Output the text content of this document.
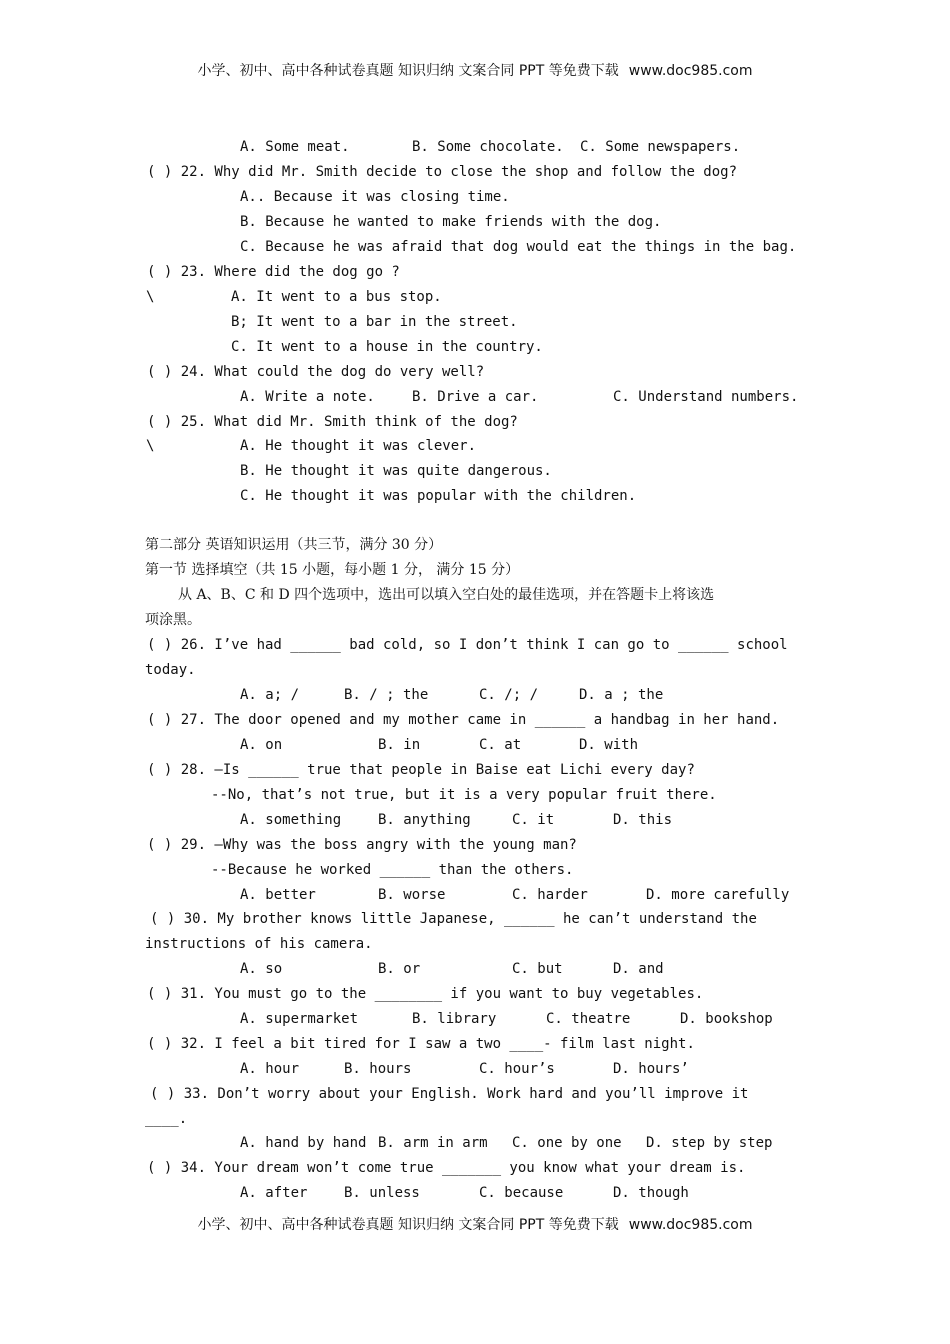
小学、初中、高中各种试卷真题 知识归纳 文案合同 PPT 等免费下载 www.doc985.com
A. Some meat.	B. Some chocolate. C. Some newspapers.
( ) 22. Why did Mr. Smith decide to close the shop and follow the dog?
A.. Because it was closing time.
B. Because he wanted to make friends with the dog.
C. Because he was afraid that dog would eat the things in the bag.
( ) 23. Where did the dog go ?
\	A. It went to a bus stop.
B; It went to a bar in the street.
C. It went to a house in the country.
( ) 24. What could the dog do very well?
A. Write a note.	B. Drive a car.	C. Understand numbers.
( ) 25. What did Mr. Smith think of the dog?
\	A. He thought it was clever.
B. He thought it was quite dangerous.
C. He thought it was popular with the children.
第二部分 英语知识运用（共三节，满分 30 分）
第一节 选择填空（共 15 小题，每小题 1 分， 满分 15 分）
从 A、B、C 和 D 四个选项中，选出可以填入空白处的最佳选项，并在答题卡上将该选
项涂黑。
( ) 26. I’ve had ______ bad cold, so I don’t think I can go to ______ school
today.
A. a; /	B. / ; the	C. /; /	D. a ; the
( ) 27. The door opened and my mother came in ______ a handbag in her hand.
A. on	B. in	C. at	D. with
( ) 28. –Is ______ true that people in Baise eat Lichi every day?
--No, that’s not true, but it is a very popular fruit there.
A. something	B. anything	C. it	D. this
( ) 29. –Why was the boss angry with the young man?
--Because he worked ______ than the others.
A. better	B. worse	C. harder	D. more carefully
( ) 30. My brother knows little Japanese, ______ he can’t understand the
instructions of his camera.
A. so	B. or	C. but	D. and
( ) 31. You must go to the ________ if you want to buy vegetables.
A. supermarket	B. library	C. theatre	D. bookshop
( ) 32. I feel a bit tired for I saw a two ____- film last night.
A. hour	B. hours	C. hour’s	D. hours’
( ) 33. Don’t worry about your English. Work hard and you’ll improve it
____.
A. hand by hand B. arm in arm C. one by one D. step by step
( ) 34. Your dream won’t come true _______ you know what your dream is.
A. after	B. unless	C. because	D. though
小学、初中、高中各种试卷真题 知识归纳 文案合同 PPT 等免费下载 www.doc985.com
